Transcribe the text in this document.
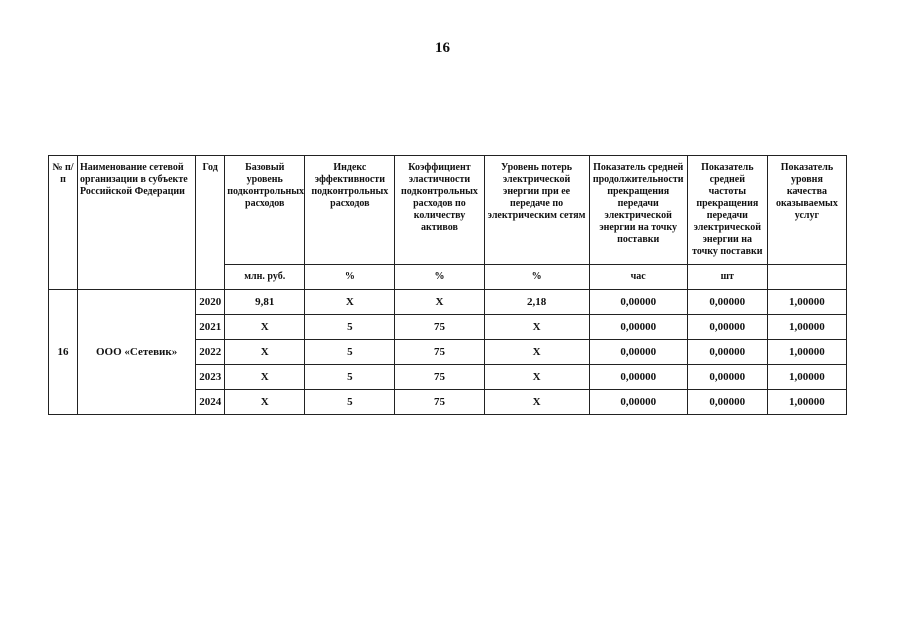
16
№ п/п	Наименование сетевой организации в субъекте Российской Федерации	Год	Базовый уровень подконтрольных расходов	Индекс эффективности подконтрольных расходов	Коэффициент эластичности подконтрольных расходов по количеству активов	Уровень потерь электрической энергии при ее передаче по электрическим сетям	Показатель средней продолжительности прекращения передачи электрической энергии на точку поставки	Показатель средней частоты прекращения передачи электрической энергии на точку поставки	Показатель уровня качества оказываемых услуг
			млн. руб.	%	%	%	час	шт	
16	ООО «Сетевик»	2020	9,81	Х	Х	2,18	0,00000	0,00000	1,00000
		2021	Х	5	75	Х	0,00000	0,00000	1,00000
		2022	Х	5	75	Х	0,00000	0,00000	1,00000
		2023	Х	5	75	Х	0,00000	0,00000	1,00000
		2024	Х	5	75	Х	0,00000	0,00000	1,00000
